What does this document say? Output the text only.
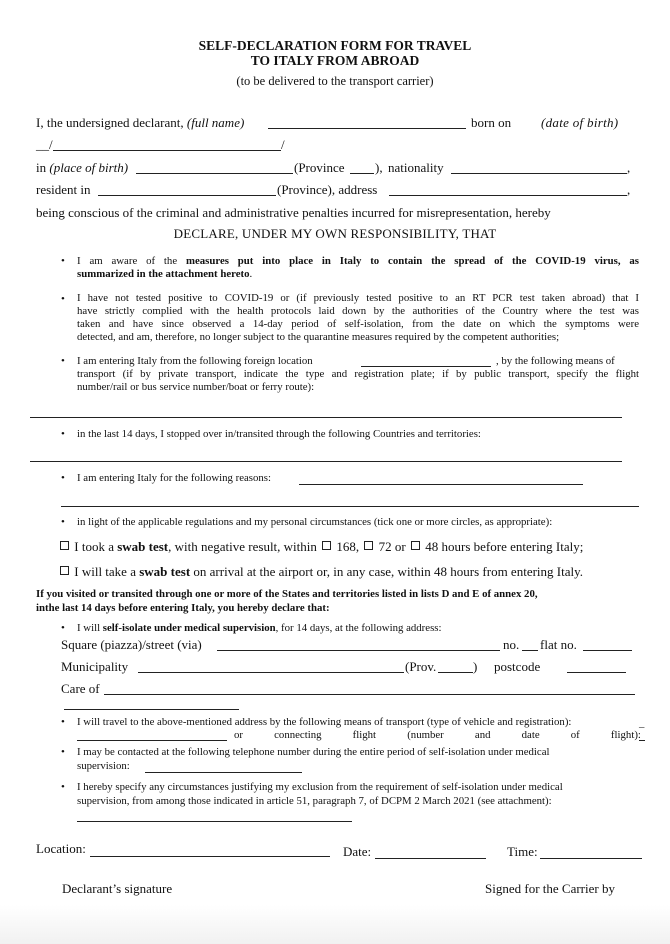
SELF-DECLARATION FORM FOR TRAVEL
TO ITALY FROM ABROAD
(to be delivered to the transport carrier)
I, the undersigned declarant, (full name)	born on (date of birth)
__/	/
in (place of birth)	(Province ), nationality	,
resident in	(Province), address	,
being conscious of the criminal and administrative penalties incurred for misrepresentation, hereby
DECLARE, UNDER MY OWN RESPONSIBILITY, THAT
• I am aware of the measures put into place in Italy to contain the spread of the COVID-19 virus, as
summarized in the attachment hereto.
• I have not tested positive to COVID-19 or (if previously tested positive to an RT PCR test taken abroad) that I
have strictly complied with the health protocols laid down by the authorities of the Country where the test was
taken and have since observed a 14-day period of self-isolation, from the date on which the symptoms were
detected, and am, therefore, no longer subject to the quarantine measures required by the competent authorities;
• I am entering Italy from the following foreign location	, by the following means of
transport (if by private transport, indicate the type and registration plate; if by public transport, specify the flight
number/rail or bus service number/boat or ferry route):
• in the last 14 days, I stopped over in/transited through the following Countries and territories:
• I am entering Italy for the following reasons:
• in light of the applicable regulations and my personal circumstances (tick one or more circles, as appropriate):
I took a swab test, with negative result, within 168, 72 or 48 hours before entering Italy;
I will take a swab test on arrival at the airport or, in any case, within 48 hours from entering Italy.
If you visited or transited through one or more of the States and territories listed in lists D and E of annex 20,
inthe last 14 days before entering Italy, you hereby declare that:
• I will self-isolate under medical supervision, for 14 days, at the following address:
Square (piazza)/street (via)	no. flat no.
Municipality	(Prov.	) postcode
Care of
• I will travel to the above-mentioned address by the following means of transport (type of vehicle and registration):	_
or	connecting	flight	(number	and	date	of	flight):
• I may be contacted at the following telephone number during the entire period of self-isolation under medical
supervision:
• I hereby specify any circumstances justifying my exclusion from the requirement of self-isolation under medical
supervision, from among those indicated in article 51, paragraph 7, of DCPM 2 March 2021 (see attachment):
Location:	Date:	Time:
Declarant’s signature	Signed for the Carrier by
